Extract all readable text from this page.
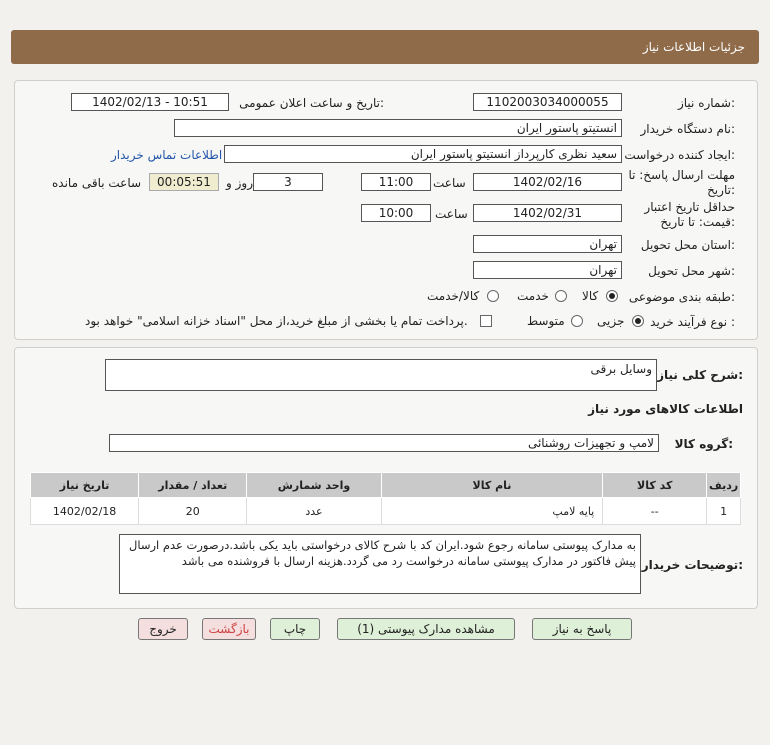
جزئیات اطلاعات نیاز
شماره نیاز:
1102003034000055
تاریخ و ساعت اعلان عمومی:
1402/02/13 - 10:51
نام دستگاه خریدار:
انستیتو پاستور ایران
ایجاد کننده درخواست:
سعید نظری کارپرداز انستیتو پاستور ایران
اطلاعات تماس خریدار
مهلت ارسال پاسخ: تا
تاریخ:
1402/02/16
ساعت
11:00
3
روز و
00:05:51
ساعت باقی مانده
حداقل تاریخ اعتبار
قیمت: تا تاریخ:
1402/02/31
ساعت
10:00
استان محل تحویل:
تهران
شهر محل تحویل:
تهران
طبقه بندی موضوعی:
کالا
خدمت
کالا/خدمت
نوع فرآیند خرید :
جزیی
متوسط
پرداخت تمام یا بخشی از مبلغ خرید،از محل "اسناد خزانه اسلامی" خواهد بود.
شرح کلی نیاز:
وسایل برقی
اطلاعات کالاهای مورد نیاز
گروه کالا:
لامپ و تجهیزات روشنائی
ردیف	کد کالا	نام کالا	واحد شمارش	تعداد / مقدار	تاریخ نیاز
1	--	پایه لامپ	عدد	20	1402/02/18
توضیحات خریدار:
به مدارک پیوستی سامانه رجوع شود.ایران کد با شرح کالای درخواستی باید یکی باشد.درصورت عدم ارسال پیش فاکتور در مدارک پیوستی سامانه درخواست رد می گردد.هزینه ارسال با فروشنده می باشد
پاسخ به نیاز
مشاهده مدارک پیوستی (1)
چاپ
بازگشت
خروج
